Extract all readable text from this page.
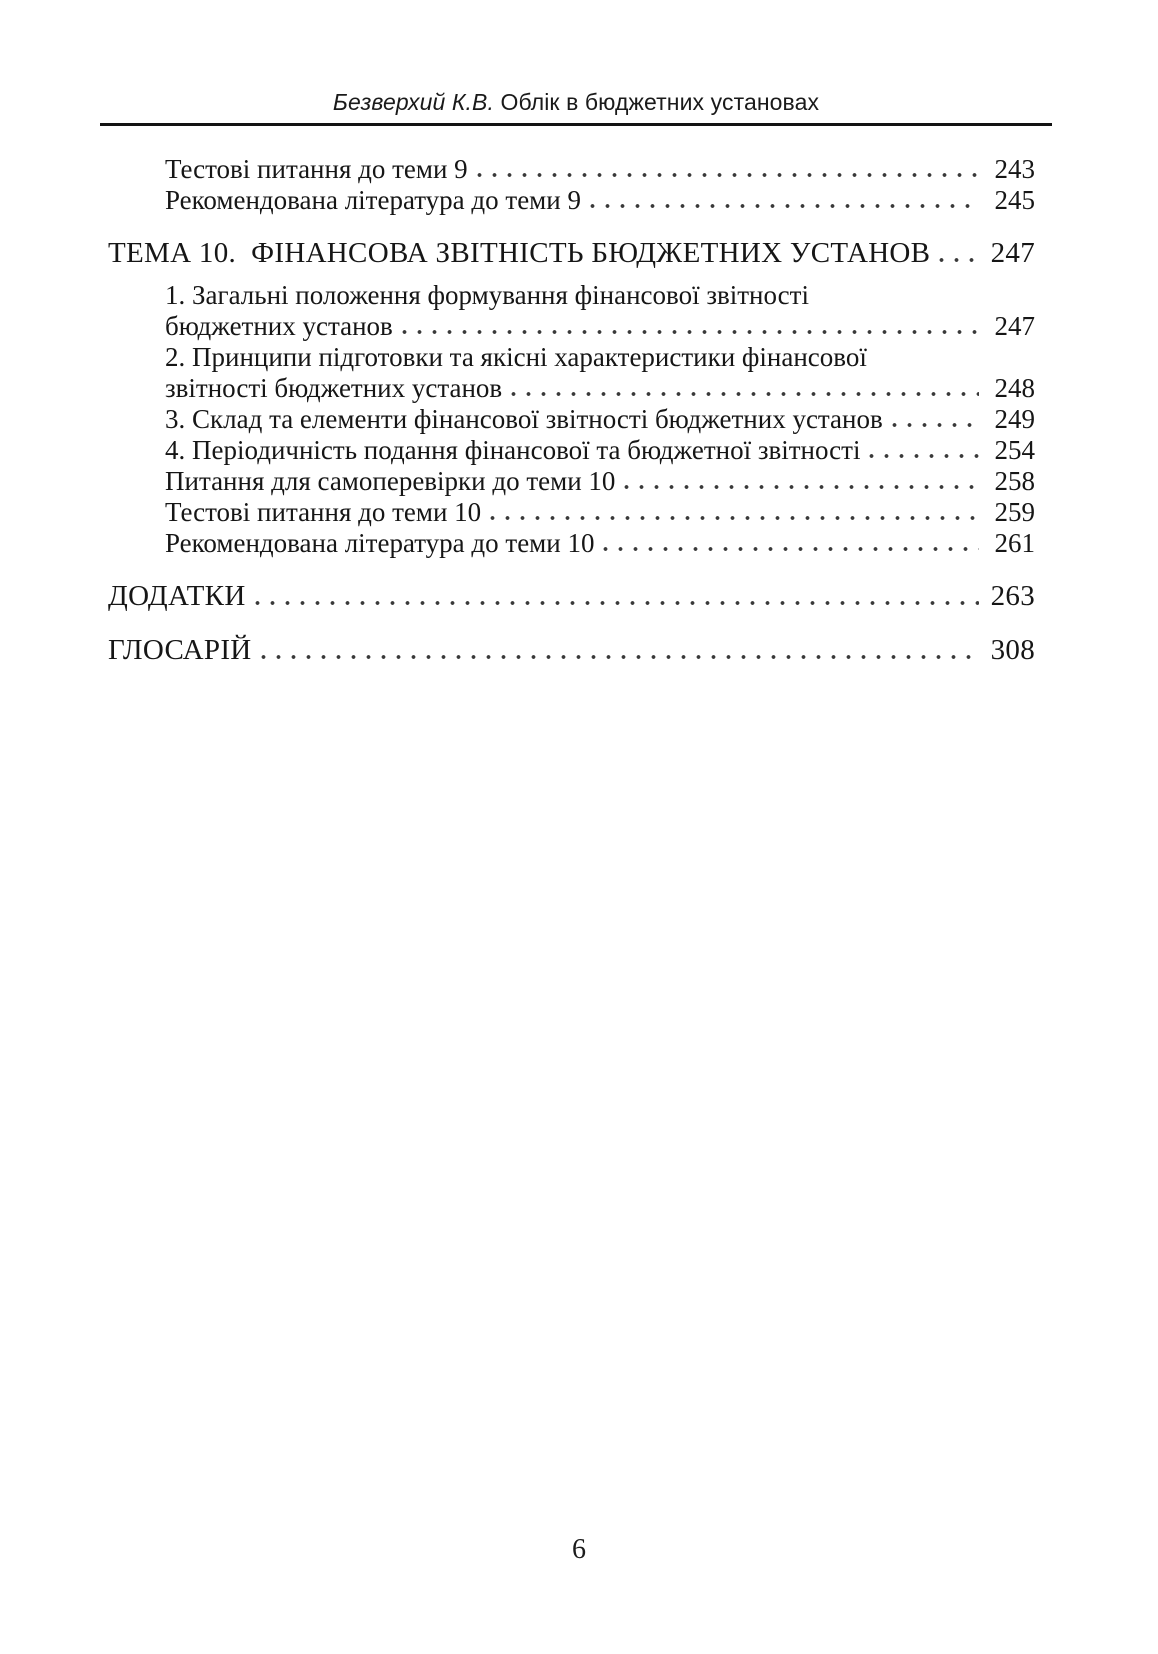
Безверхий К.В. Облік в бюджетних установах
Тестові питання до теми 9	243
Рекомендована література до теми 9	245
ТЕМА 10.  ФІНАНСОВА ЗВІТНІСТЬ БЮДЖЕТНИХ УСТАНОВ 247
1. Загальні положення формування фінансової звітності
бюджетних установ	247
2. Принципи підготовки та якісні характеристики фінансової
звітності бюджетних установ	248
3. Склад та елементи фінансової звітності бюджетних установ	249
4. Періодичність подання фінансової та бюджетної звітності	254
Питання для самоперевірки до теми 10	258
Тестові питання до теми 10	259
Рекомендована література до теми 10	261
ДОДАТКИ	263
ГЛОСАРІЙ	308
6
